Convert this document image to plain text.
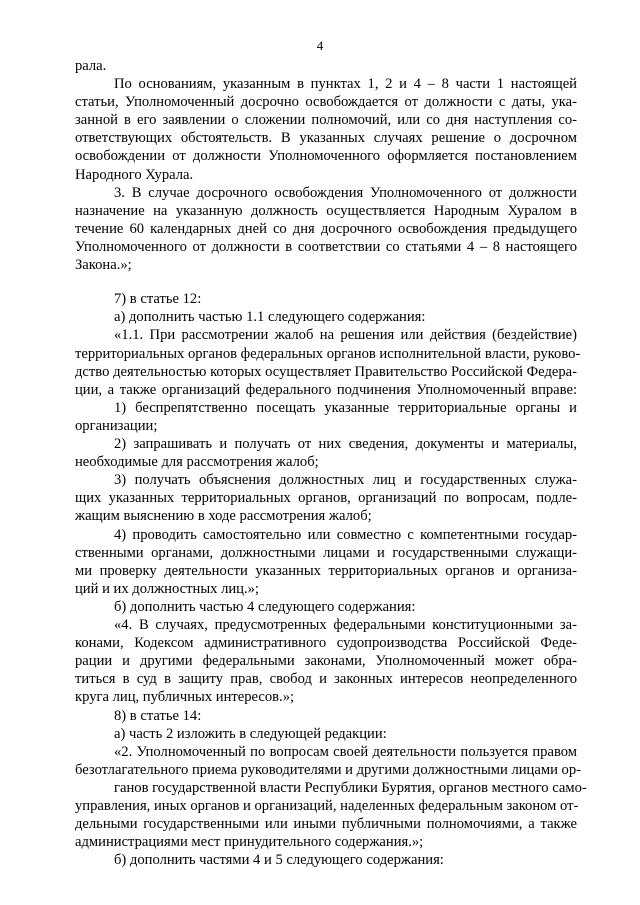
4
рала.
По основаниям, указанным в пунктах 1, 2 и 4 – 8 части 1 настоящей
статьи, Уполномоченный досрочно освобождается от должности с даты, ука-
занной в его заявлении о сложении полномочий, или со дня наступления со-
ответствующих обстоятельств. В указанных случаях решение о досрочном
освобождении от должности Уполномоченного оформляется постановлением
Народного Хурала.
3. В случае досрочного освобождения Уполномоченного от должности
назначение на указанную должность осуществляется Народным Хуралом в
течение 60 календарных дней со дня досрочного освобождения предыдущего
Уполномоченного от должности в соответствии со статьями 4 – 8 настоящего
Закона.»;
7) в статье 12:
а) дополнить частью 1.1 следующего содержания:
«1.1. При рассмотрении жалоб на решения или действия (бездействие)
территориальных органов федеральных органов исполнительной власти, руково-
дство деятельностью которых осуществляет Правительство Российской Федера-
ции, а также организаций федерального подчинения Уполномоченный вправе:
1) беспрепятственно посещать указанные территориальные органы и
организации;
2) запрашивать и получать от них сведения, документы и материалы,
необходимые для рассмотрения жалоб;
3) получать объяснения должностных лиц и государственных служа-
щих указанных территориальных органов, организаций по вопросам, подле-
жащим выяснению в ходе рассмотрения жалоб;
4) проводить самостоятельно или совместно с компетентными государ-
ственными органами, должностными лицами и государственными служащи-
ми проверку деятельности указанных территориальных органов и организа-
ций и их должностных лиц.»;
б) дополнить частью 4 следующего содержания:
«4. В случаях, предусмотренных федеральными конституционными за-
конами, Кодексом административного судопроизводства Российской Феде-
рации и другими федеральными законами, Уполномоченный может обра-
титься в суд в защиту прав, свобод и законных интересов неопределенного
круга лиц, публичных интересов.»;
8) в статье 14:
а) часть 2 изложить в следующей редакции:
«2. Уполномоченный по вопросам своей деятельности пользуется правом
безотлагательного приема руководителями и другими должностными лицами ор-
ганов государственной власти Республики Бурятия, органов местного само-
управления, иных органов и организаций, наделенных федеральным законом от-
дельными государственными или иными публичными полномочиями, а также
администрациями мест принудительного содержания.»;
б) дополнить частями 4 и 5 следующего содержания:
